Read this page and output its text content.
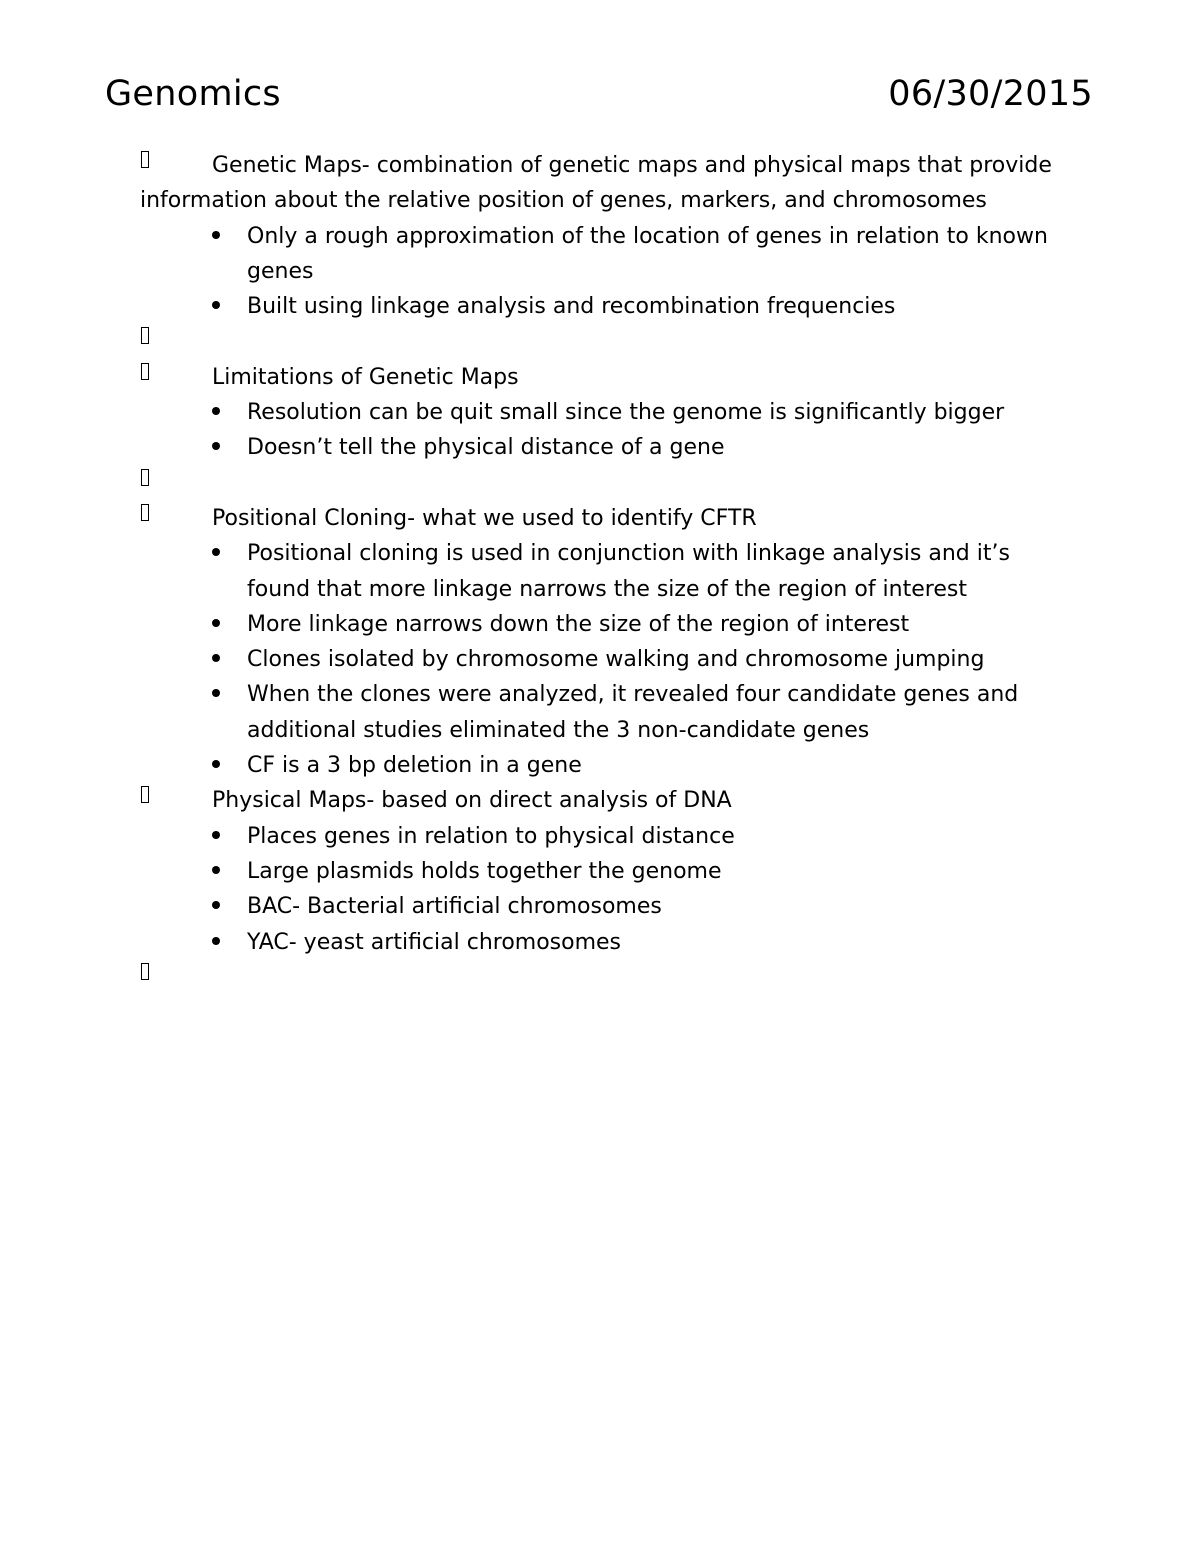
Genomics	06/30/2015
Genetic Maps- combination of genetic maps and physical maps that provide information about the relative position of genes, markers, and chromosomes
Only a rough approximation of the location of genes in relation to known genes
Built using linkage analysis and recombination frequencies
Limitations of Genetic Maps
Resolution can be quit small since the genome is significantly bigger
Doesn’t tell the physical distance of a gene
Positional Cloning- what we used to identify CFTR
Positional cloning is used in conjunction with linkage analysis and it’s found that more linkage narrows the size of the region of interest
More linkage narrows down the size of the region of interest
Clones isolated by chromosome walking and chromosome jumping
When the clones were analyzed, it revealed four candidate genes and additional studies eliminated the 3 non-candidate genes
CF is a 3 bp deletion in a gene
Physical Maps- based on direct analysis of DNA
Places genes in relation to physical distance
Large plasmids holds together the genome
BAC- Bacterial artificial chromosomes
YAC- yeast artificial chromosomes
